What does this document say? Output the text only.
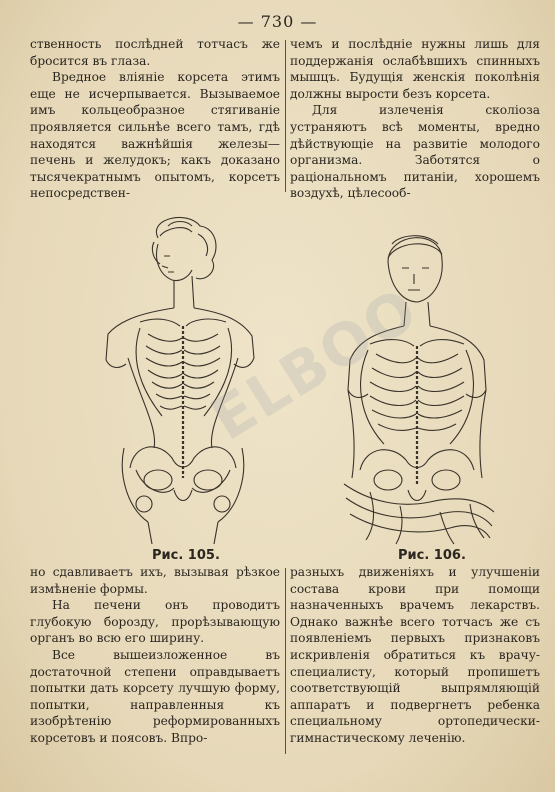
— 730 —

ственность послѣдней тотчасъ же бросится въ глаза.

Вредное вліяніе корсета этимъ еще не исчерпывается. Вызываемое имъ кольцеобразное стягиваніе проявляется сильнѣе всего тамъ, гдѣ находятся важнѣйшія железы—печень и желудокъ; какъ доказано тысячекратнымъ опытомъ, корсетъ непосредствен-

чемъ и послѣдніе нужны лишь для поддержанія ослабѣвшихъ спинныхъ мышцъ. Будущія женскія поколѣнія должны вырости безъ корсета.

Для излеченія сколіоза устраняютъ всѣ моменты, вредно дѣйствующіе на развитіе молодого организма. Заботятся о раціональномъ питаніи, хорошемъ воздухѣ, цѣлесооб-

Рис. 105.	Рис. 106.

но сдавливаетъ ихъ, вызывая рѣзкое измѣненіе формы.

На печени онъ проводитъ глубокую борозду, прорѣзывающую органъ во всю его ширину.

Все вышеизложенное въ достаточной степени оправдываетъ попытки дать корсету лучшую форму, попытки, направленныя къ изобрѣтенію реформированныхъ корсетовъ и поясовъ. Впро-

разныхъ движеніяхъ и улучшеніи состава крови при помощи назначенныхъ врачемъ лекарствъ. Однако важнѣе всего тотчасъ же съ появленіемъ первыхъ признаковъ искривленія обратиться къ врачу-специалисту, который пропишетъ соответствующій выпрямляющій аппаратъ и подвергнетъ ребенка специальному ортопедически-гимнастическому леченію.

ELBOO
